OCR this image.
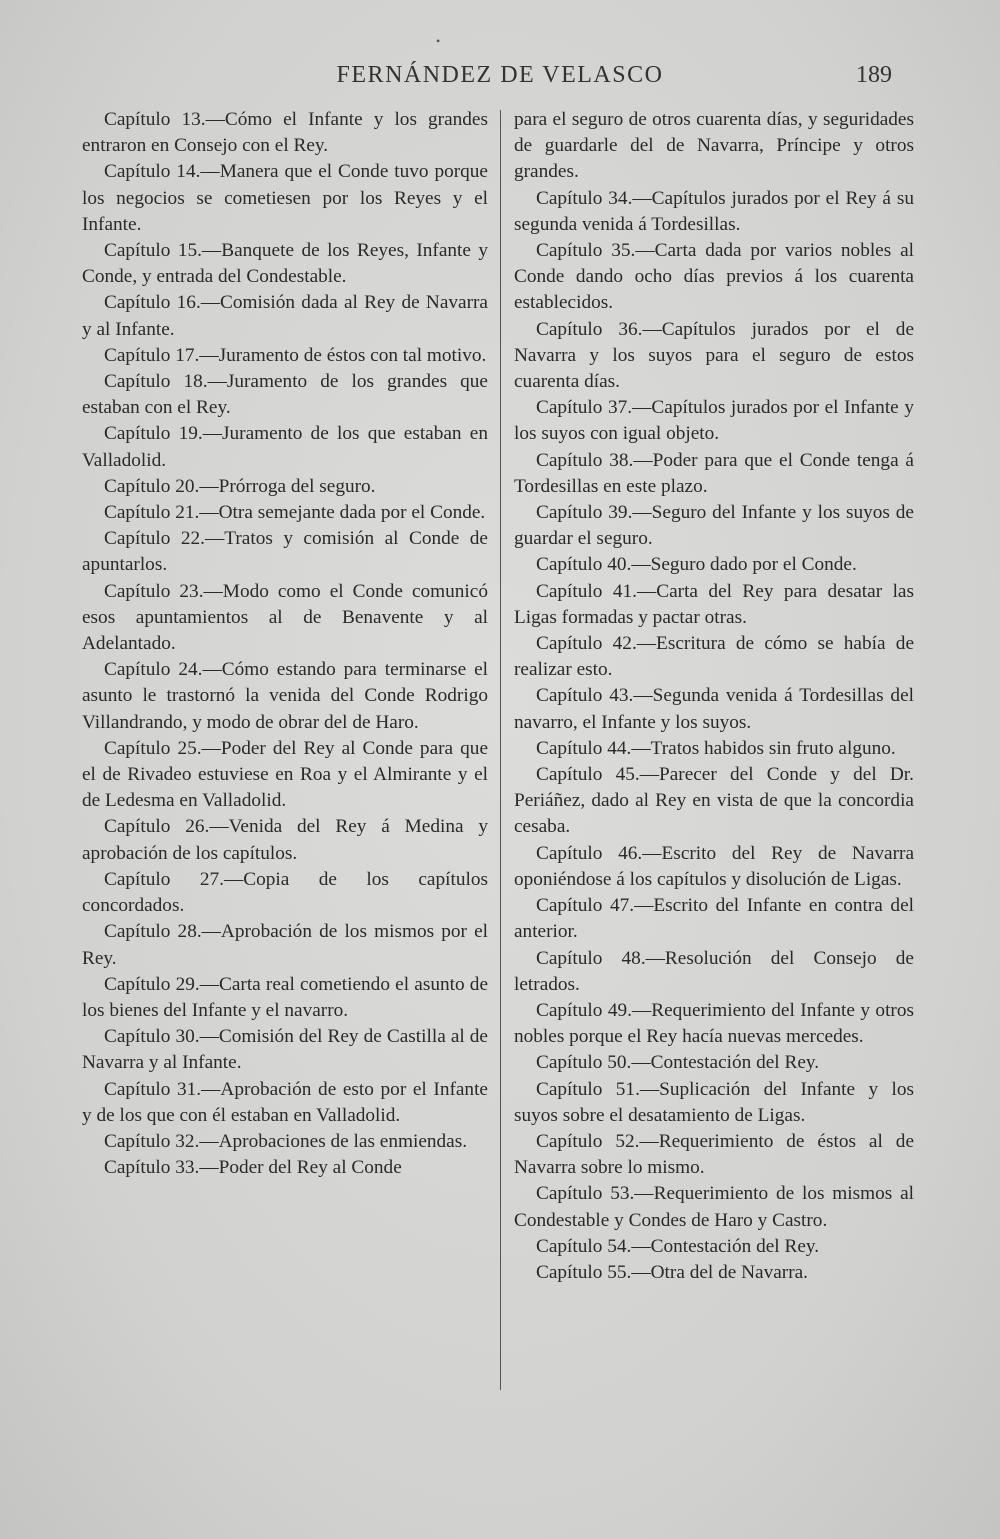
•
FERNÁNDEZ DE VELASCO	189

Capítulo 13.—Cómo el Infante y los grandes entraron en Consejo con el Rey.

Capítulo 14.—Manera que el Conde tuvo porque los negocios se cometiesen por los Reyes y el Infante.

Capítulo 15.—Banquete de los Reyes, Infante y Conde, y entrada del Condestable.

Capítulo 16.—Comisión dada al Rey de Navarra y al Infante.

Capítulo 17.—Juramento de éstos con tal motivo.

Capítulo 18.—Juramento de los grandes que estaban con el Rey.

Capítulo 19.—Juramento de los que estaban en Valladolid.

Capítulo 20.—Prórroga del seguro.

Capítulo 21.—Otra semejante dada por el Conde.

Capítulo 22.—Tratos y comisión al Conde de apuntarlos.

Capítulo 23.—Modo como el Conde comunicó esos apuntamientos al de Benavente y al Adelantado.

Capítulo 24.—Cómo estando para terminarse el asunto le trastornó la venida del Conde Rodrigo Villandrando, y modo de obrar del de Haro.

Capítulo 25.—Poder del Rey al Conde para que el de Rivadeo estuviese en Roa y el Almirante y el de Ledesma en Valladolid.

Capítulo 26.—Venida del Rey á Medina y aprobación de los capítulos.

Capítulo 27.—Copia de los capítulos concordados.

Capítulo 28.—Aprobación de los mismos por el Rey.

Capítulo 29.—Carta real cometiendo el asunto de los bienes del Infante y el navarro.

Capítulo 30.—Comisión del Rey de Castilla al de Navarra y al Infante.

Capítulo 31.—Aprobación de esto por el Infante y de los que con él estaban en Valladolid.

Capítulo 32.—Aprobaciones de las enmiendas.

Capítulo 33.—Poder del Rey al Conde

para el seguro de otros cuarenta días, y seguridades de guardarle del de Navarra, Príncipe y otros grandes.

Capítulo 34.—Capítulos jurados por el Rey á su segunda venida á Tordesillas.

Capítulo 35.—Carta dada por varios nobles al Conde dando ocho días previos á los cuarenta establecidos.

Capítulo 36.—Capítulos jurados por el de Navarra y los suyos para el seguro de estos cuarenta días.

Capítulo 37.—Capítulos jurados por el Infante y los suyos con igual objeto.

Capítulo 38.—Poder para que el Conde tenga á Tordesillas en este plazo.

Capítulo 39.—Seguro del Infante y los suyos de guardar el seguro.

Capítulo 40.—Seguro dado por el Conde.

Capítulo 41.—Carta del Rey para desatar las Ligas formadas y pactar otras.

Capítulo 42.—Escritura de cómo se había de realizar esto.

Capítulo 43.—Segunda venida á Tordesillas del navarro, el Infante y los suyos.

Capítulo 44.—Tratos habidos sin fruto alguno.

Capítulo 45.—Parecer del Conde y del Dr. Periáñez, dado al Rey en vista de que la concordia cesaba.

Capítulo 46.—Escrito del Rey de Navarra oponiéndose á los capítulos y disolución de Ligas.

Capítulo 47.—Escrito del Infante en contra del anterior.

Capítulo 48.—Resolución del Consejo de letrados.

Capítulo 49.—Requerimiento del Infante y otros nobles porque el Rey hacía nuevas mercedes.

Capítulo 50.—Contestación del Rey.

Capítulo 51.—Suplicación del Infante y los suyos sobre el desatamiento de Ligas.

Capítulo 52.—Requerimiento de éstos al de Navarra sobre lo mismo.

Capítulo 53.—Requerimiento de los mismos al Condestable y Condes de Haro y Castro.

Capítulo 54.—Contestación del Rey.

Capítulo 55.—Otra del de Navarra.
